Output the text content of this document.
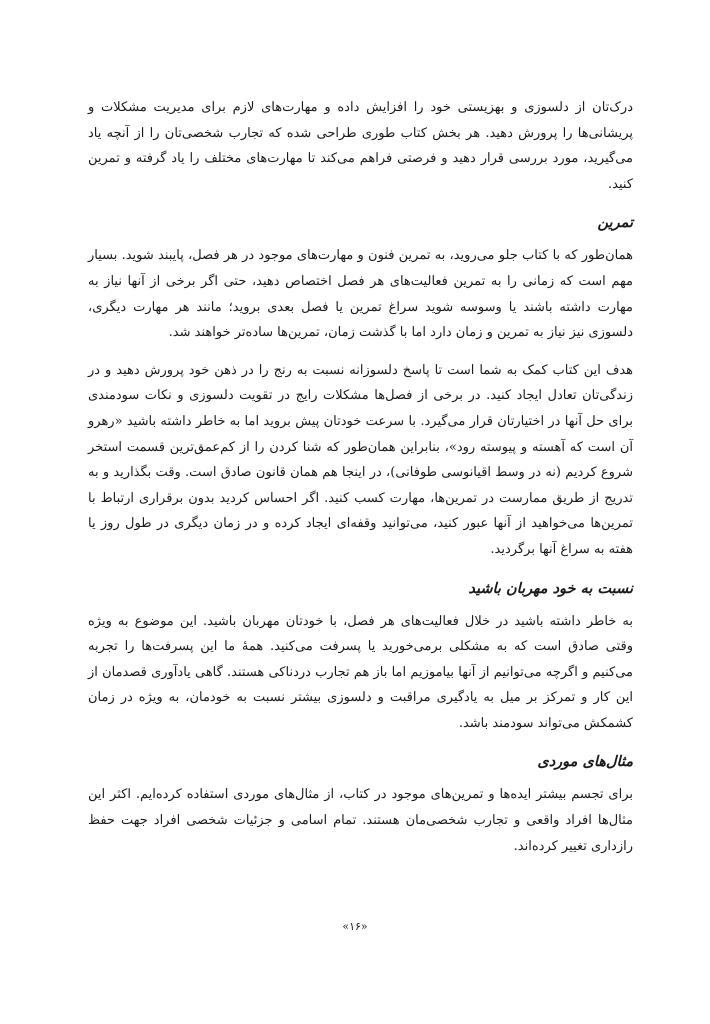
درک‌تان از دلسوزی و بهزیستی خود را افزایش داده و مهارت‌های لازم برای مدیریت مشکلات و پریشانی‌ها را پرورش دهید. هر بخش کتاب طوری طراحی شده که تجارب شخصی‌تان را از آنچه یاد می‌گیرید، مورد بررسی قرار دهید و فرصتی فراهم می‌کند تا مهارت‌های مختلف را یاد گرفته و تمرین کنید.

تمرین

همان‌طور که با کتاب جلو می‌روید، به تمرین فنون و مهارت‌های موجود در هر فصل، پایبند شوید. بسیار مهم است که زمانی را به تمرین فعالیت‌های هر فصل اختصاص دهید، حتی اگر برخی از آنها نیاز به مهارت داشته باشند یا وسوسه شوید سراغ تمرین یا فصل بعدی بروید؛ مانند هر مهارت دیگری، دلسوزی نیز نیاز به تمرین و زمان دارد اما با گذشت زمان، تمرین‌ها ساده‌تر خواهند شد.

هدف این کتاب کمک به شما است تا پاسخ دلسوزانه نسبت به رنج را در ذهن خود پرورش دهید و در زندگی‌تان تعادل ایجاد کنید. در برخی از فصل‌ها مشکلات رایج در تقویت دلسوزی و نکات سودمندی برای حل آنها در اختیارتان قرار می‌گیرد. با سرعت خودتان پیش بروید اما به خاطر داشته باشید «رهرو آن است که آهسته و پیوسته رود»، بنابراین همان‌طور که شنا کردن را از کم‌عمق‌ترین قسمت استخر شروع کردیم (نه در وسط اقیانوسی طوفانی)، در اینجا هم همان قانون صادق است. وقت بگذارید و به تدریج از طریق ممارست در تمرین‌ها، مهارت کسب کنید. اگر احساس کردید بدون برقراری ارتباط با تمرین‌ها می‌خواهید از آنها عبور کنید، می‌توانید وقفه‌ای ایجاد کرده و در زمان دیگری در طول روز یا هفته به سراغ آنها برگردید.

نسبت به خود مهربان باشید

به خاطر داشته باشید در خلال فعالیت‌های هر فصل، با خودتان مهربان باشید. این موضوع به ویژه وقتی صادق است که به مشکلی برمی‌خورید یا پسرفت می‌کنید. همهٔ ما این پسرفت‌ها را تجربه می‌کنیم و اگرچه می‌توانیم از آنها بیاموزیم اما باز هم تجارب دردناکی هستند. گاهی یادآوری قصدمان از این کار و تمرکز بر میل به یادگیری مراقبت و دلسوزی بیشتر نسبت به خودمان، به ویژه در زمان کشمکش می‌تواند سودمند باشد.

مثال‌های موردی

برای تجسم بیشتر ایده‌ها و تمرین‌های موجود در کتاب، از مثال‌های موردی استفاده کرده‌ایم. اکثر این مثال‌ها افراد واقعی و تجارب شخصی‌مان هستند. تمام اسامی و جزئیات شخصی افراد جهت حفظ رازداری تغییر کرده‌اند.

«۱۶»
